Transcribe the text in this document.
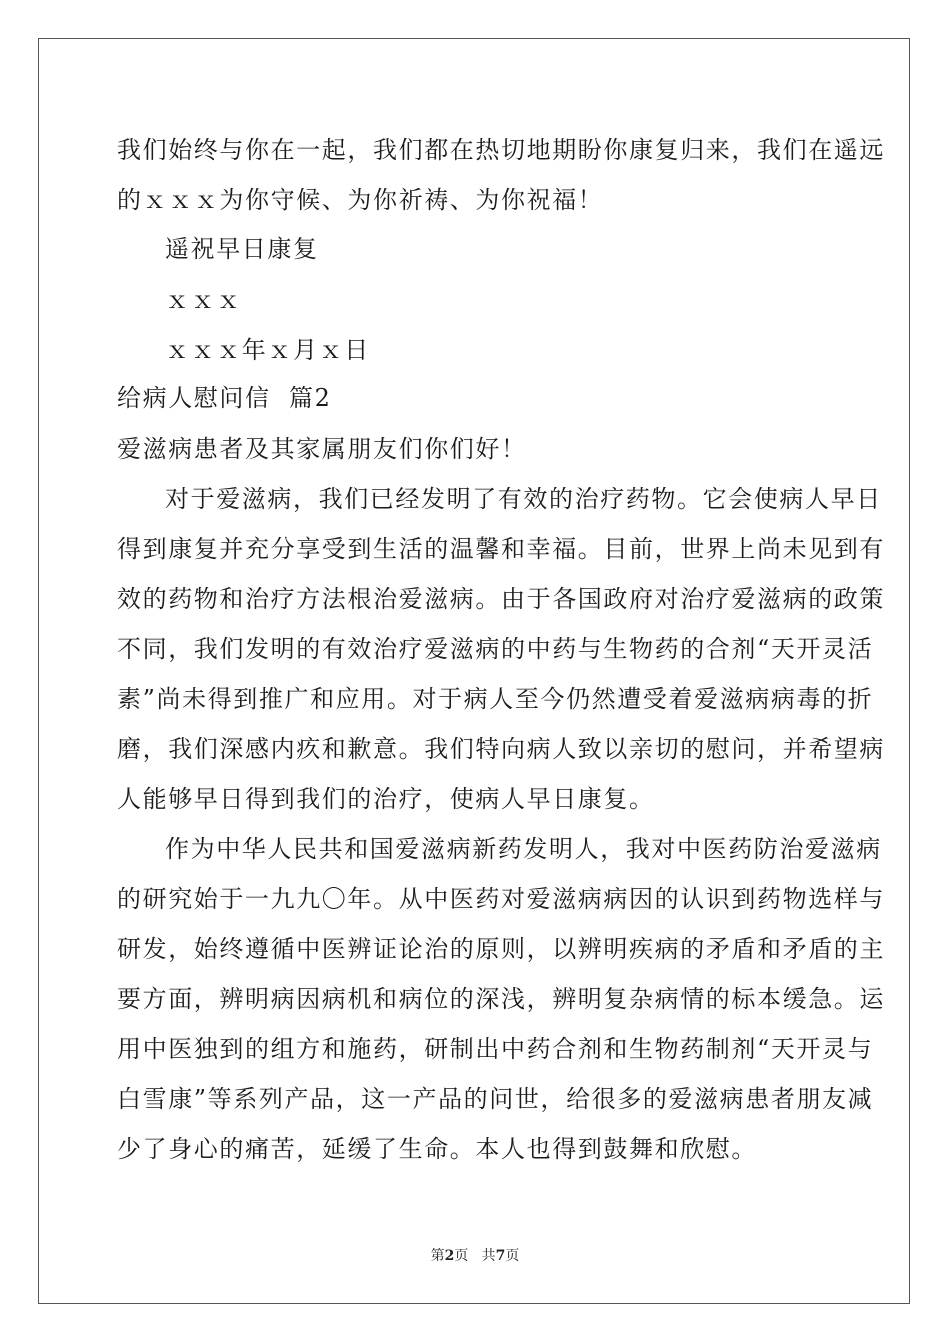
我们始终与你在一起，我们都在热切地期盼你康复归来，我们在遥远
的ｘｘｘ为你守候、为你祈祷、为你祝福！
遥祝早日康复
ｘｘｘ
ｘｘｘ年ｘ月ｘ日
给病人慰问信  篇2
爱滋病患者及其家属朋友们你们好！
对于爱滋病，我们已经发明了有效的治疗药物。它会使病人早日
得到康复并充分享受到生活的温馨和幸福。目前，世界上尚未见到有
效的药物和治疗方法根治爱滋病。由于各国政府对治疗爱滋病的政策
不同，我们发明的有效治疗爱滋病的中药与生物药的合剂“天开灵活
素”尚未得到推广和应用。对于病人至今仍然遭受着爱滋病病毒的折
磨，我们深感内疚和歉意。我们特向病人致以亲切的慰问，并希望病
人能够早日得到我们的治疗，使病人早日康复。
作为中华人民共和国爱滋病新药发明人，我对中医药防治爱滋病
的研究始于一九九〇年。从中医药对爱滋病病因的认识到药物选样与
研发，始终遵循中医辨证论治的原则，以辨明疾病的矛盾和矛盾的主
要方面，辨明病因病机和病位的深浅，辨明复杂病情的标本缓急。运
用中医独到的组方和施药，研制出中药合剂和生物药制剂“天开灵与
白雪康”等系列产品，这一产品的问世，给很多的爱滋病患者朋友减
少了身心的痛苦，延缓了生命。本人也得到鼓舞和欣慰。
第2页 共7页
